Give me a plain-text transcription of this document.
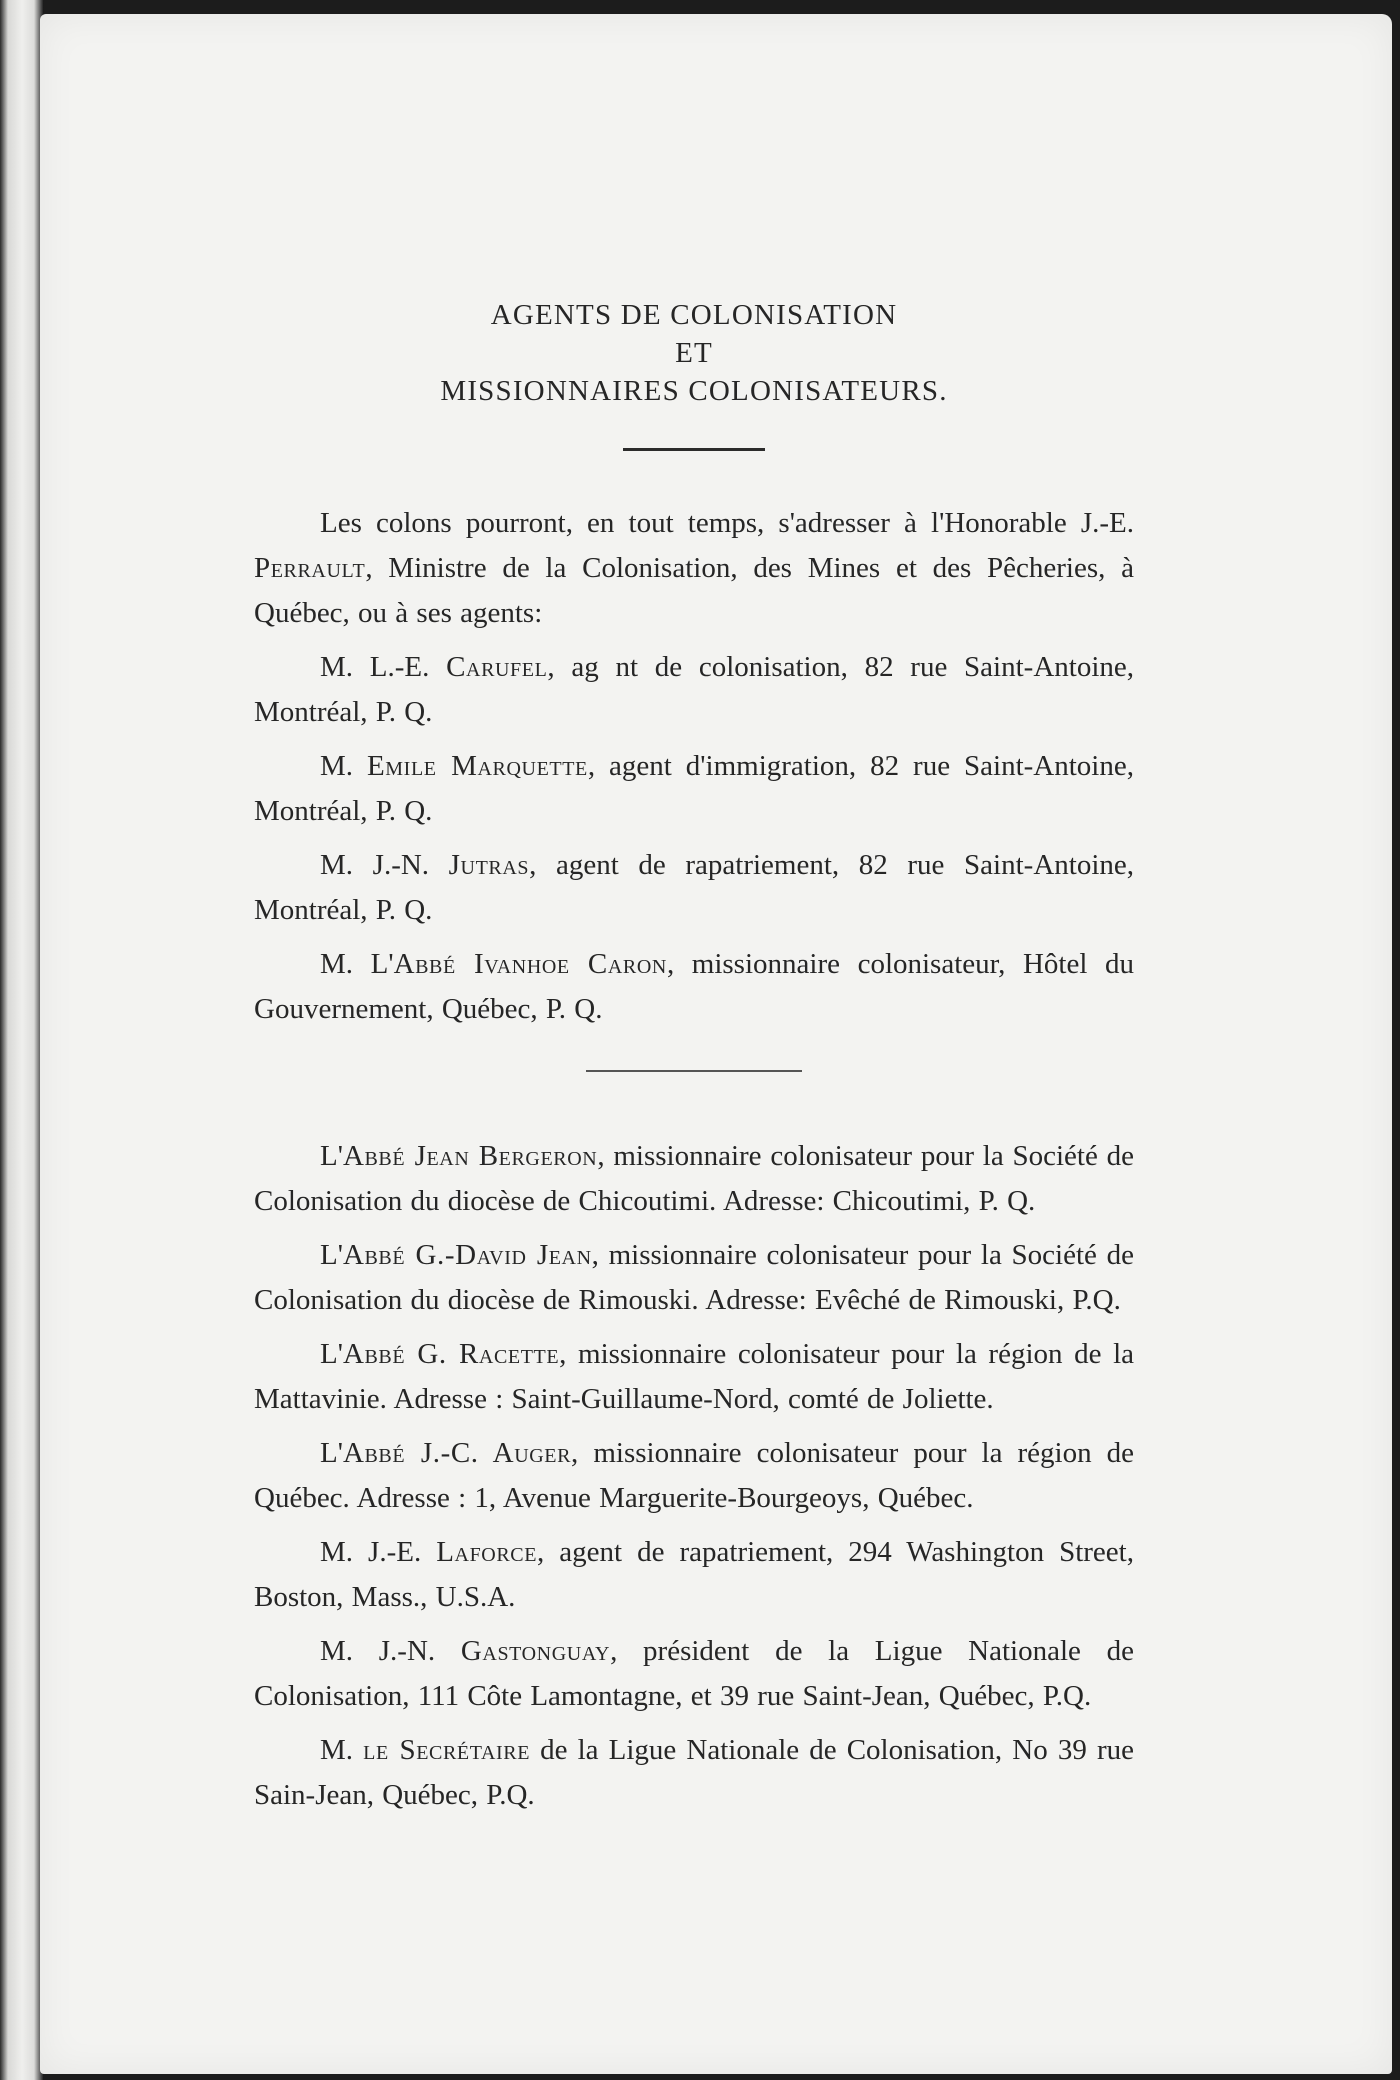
AGENTS DE COLONISATION
ET
MISSIONNAIRES COLONISATEURS.

Les colons pourront, en tout temps, s'adresser à l'Honorable J.-E. Perrault, Ministre de la Colonisation, des Mines et des Pêcheries, à Québec, ou à ses agents:

M. L.-E. Carufel, ag nt de colonisation, 82 rue Saint-Antoine, Montréal, P. Q.

M. Emile Marquette, agent d'immigration, 82 rue Saint-Antoine, Montréal, P. Q.

M. J.-N. Jutras, agent de rapatriement, 82 rue Saint-Antoine, Montréal, P. Q.

M. L'Abbé Ivanhoe Caron, missionnaire colonisateur, Hôtel du Gouvernement, Québec, P. Q.

L'Abbé Jean Bergeron, missionnaire colonisateur pour la Société de Colonisation du diocèse de Chicoutimi. Adresse: Chicoutimi, P. Q.

L'Abbé G.-David Jean, missionnaire colonisateur pour la Société de Colonisation du diocèse de Rimouski. Adresse: Evêché de Rimouski, P.Q.

L'Abbé G. Racette, missionnaire colonisateur pour la région de la Mattavinie. Adresse : Saint-Guillaume-Nord, comté de Joliette.

L'Abbé J.-C. Auger, missionnaire colonisateur pour la région de Québec. Adresse : 1, Avenue Marguerite-Bourgeoys, Québec.

M. J.-E. Laforce, agent de rapatriement, 294 Washington Street, Boston, Mass., U.S.A.

M. J.-N. Gastonguay, président de la Ligue Nationale de Colonisation, 111 Côte Lamontagne, et 39 rue Saint-Jean, Québec, P.Q.

M. le Secrétaire de la Ligue Nationale de Colonisation, No 39 rue Sain-Jean, Québec, P.Q.
